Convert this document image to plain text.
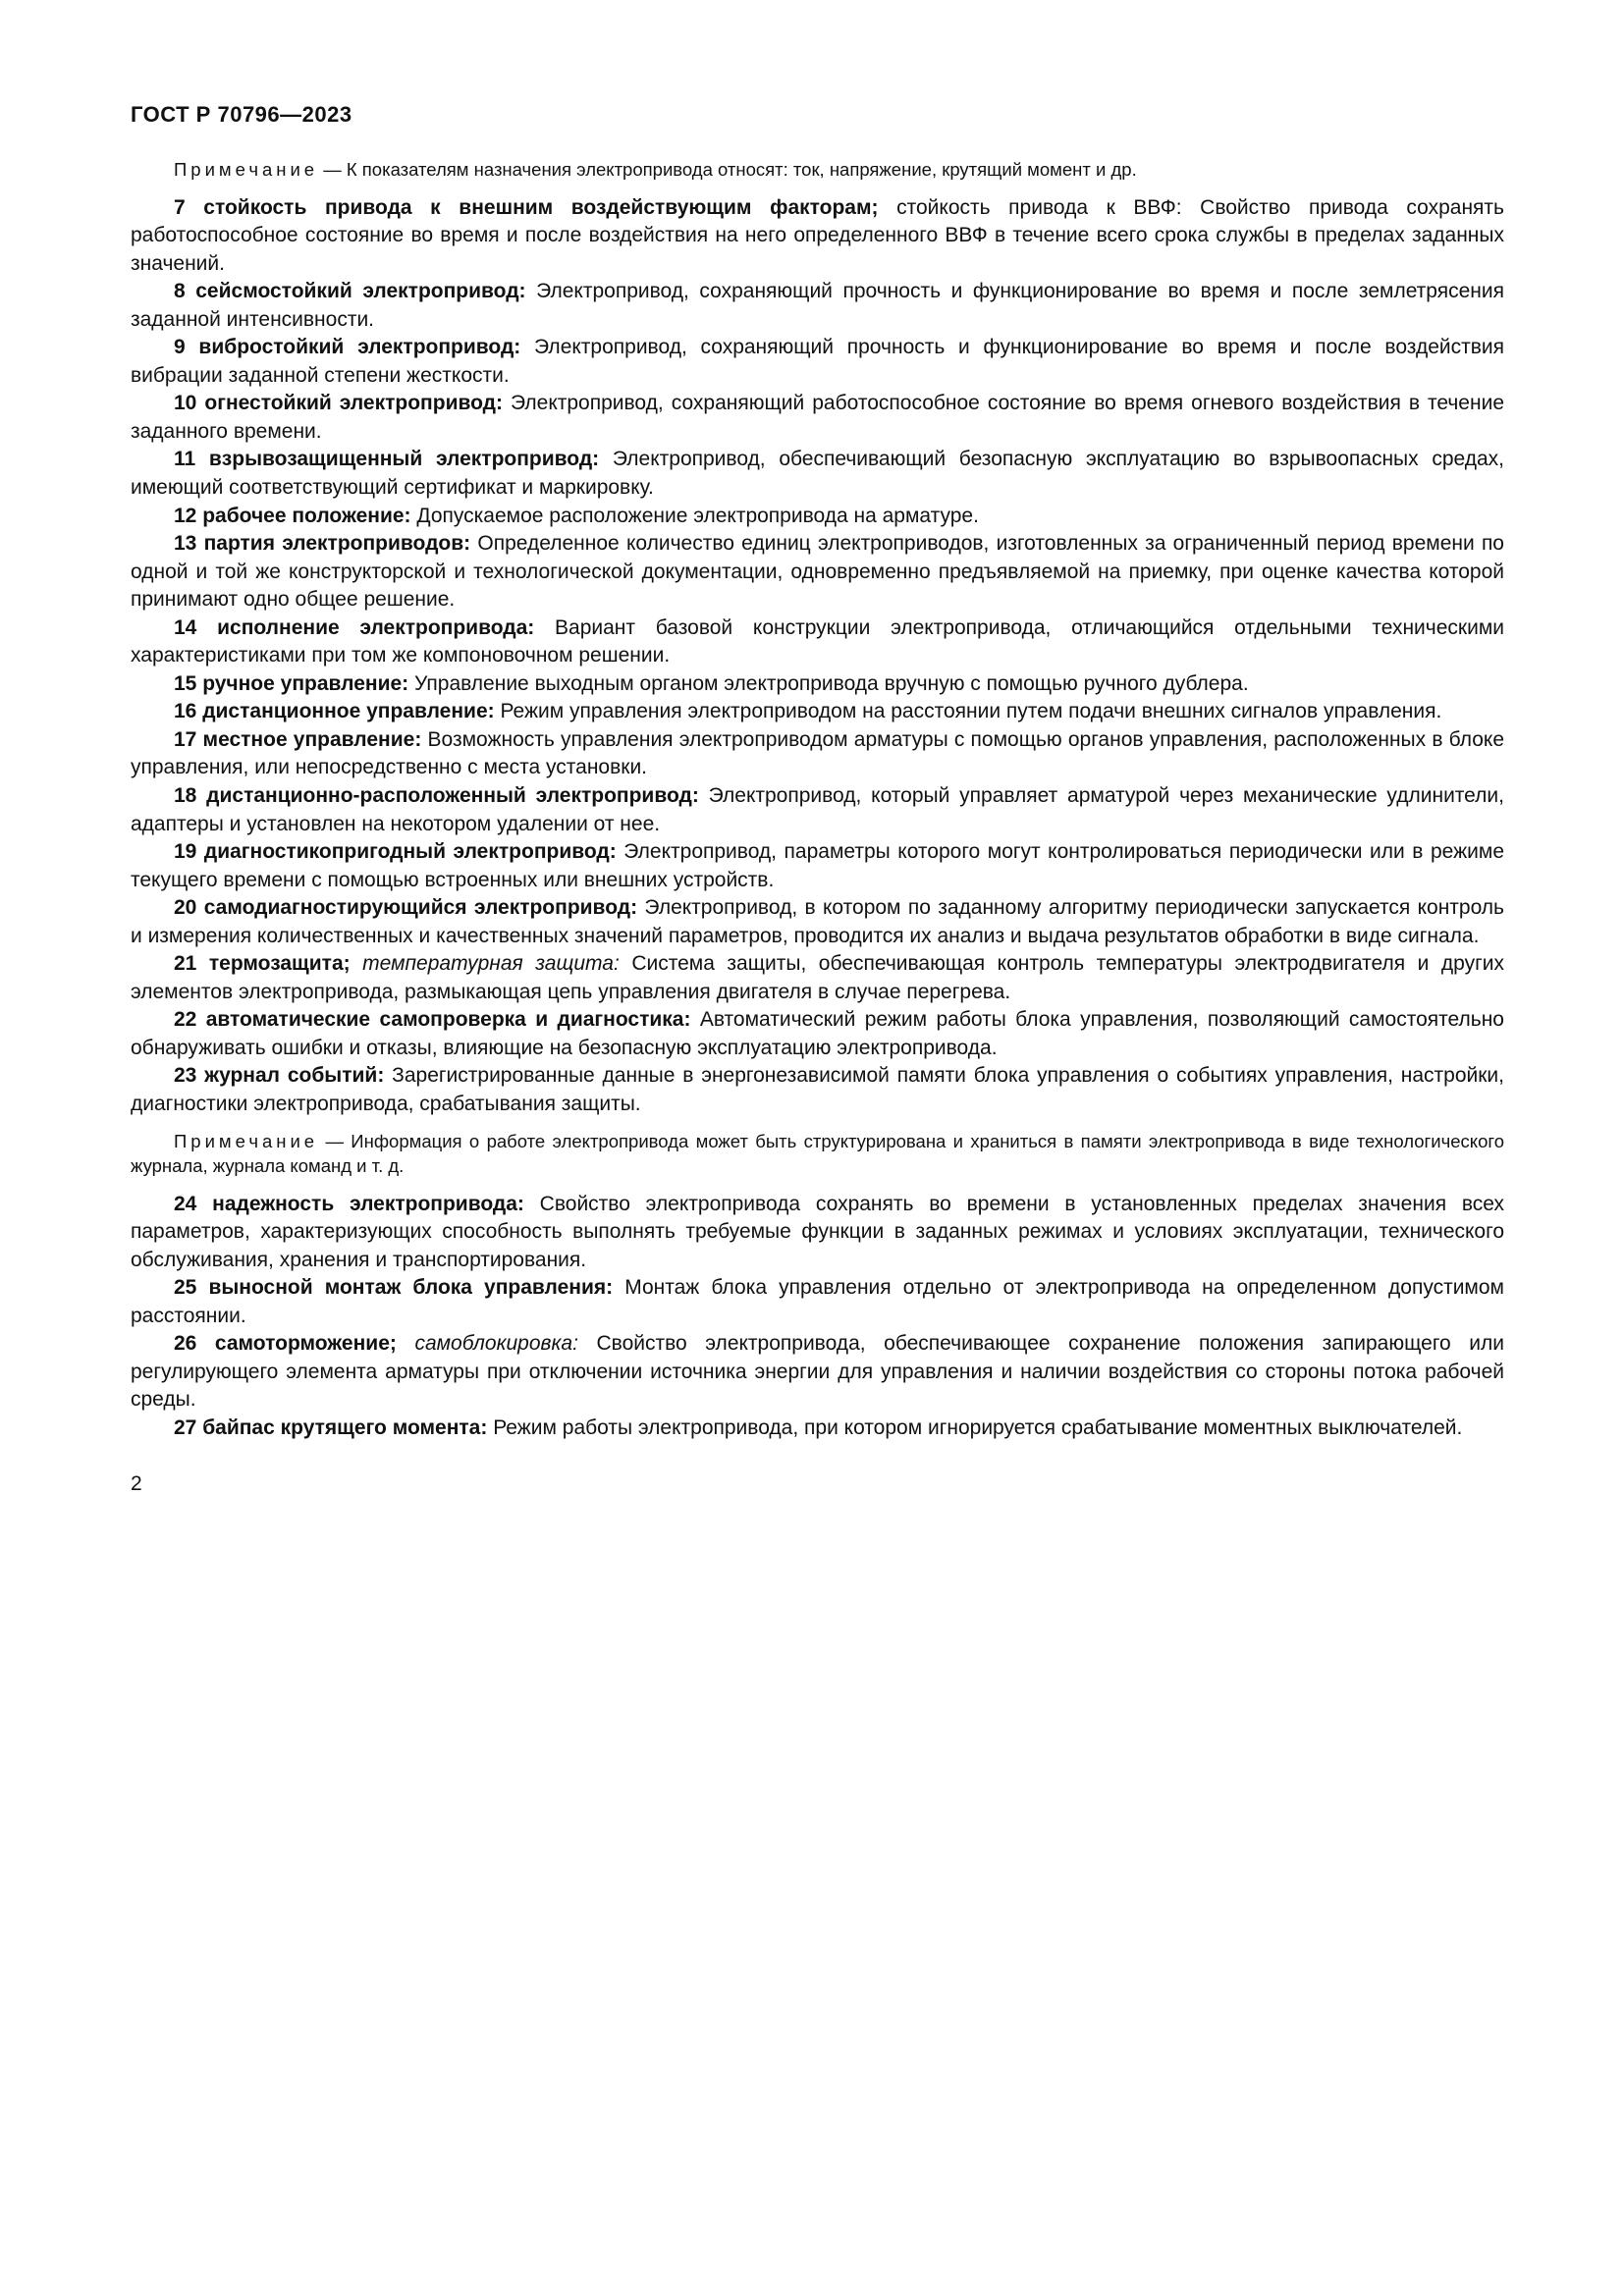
ГОСТ Р 70796—2023

Примечание — К показателям назначения электропривода относят: ток, напряжение, крутящий момент и др.

7 стойкость привода к внешним воздействующим факторам; стойкость привода к ВВФ: Свойство привода сохранять работоспособное состояние во время и после воздействия на него определенного ВВФ в течение всего срока службы в пределах заданных значений.

8 сейсмостойкий электропривод: Электропривод, сохраняющий прочность и функционирование во время и после землетрясения заданной интенсивности.

9 вибростойкий электропривод: Электропривод, сохраняющий прочность и функционирование во время и после воздействия вибрации заданной степени жесткости.

10 огнестойкий электропривод: Электропривод, сохраняющий работоспособное состояние во время огневого воздействия в течение заданного времени.

11 взрывозащищенный электропривод: Электропривод, обеспечивающий безопасную эксплуатацию во взрывоопасных средах, имеющий соответствующий сертификат и маркировку.

12 рабочее положение: Допускаемое расположение электропривода на арматуре.

13 партия электроприводов: Определенное количество единиц электроприводов, изготовленных за ограниченный период времени по одной и той же конструкторской и технологической документации, одновременно предъявляемой на приемку, при оценке качества которой принимают одно общее решение.

14 исполнение электропривода: Вариант базовой конструкции электропривода, отличающийся отдельными техническими характеристиками при том же компоновочном решении.

15 ручное управление: Управление выходным органом электропривода вручную с помощью ручного дублера.

16 дистанционное управление: Режим управления электроприводом на расстоянии путем подачи внешних сигналов управления.

17 местное управление: Возможность управления электроприводом арматуры с помощью органов управления, расположенных в блоке управления, или непосредственно с места установки.

18 дистанционно-расположенный электропривод: Электропривод, который управляет арматурой через механические удлинители, адаптеры и установлен на некотором удалении от нее.

19 диагностикопригодный электропривод: Электропривод, параметры которого могут контролироваться периодически или в режиме текущего времени с помощью встроенных или внешних устройств.

20 самодиагностирующийся электропривод: Электропривод, в котором по заданному алгоритму периодически запускается контроль и измерения количественных и качественных значений параметров, проводится их анализ и выдача результатов обработки в виде сигнала.

21 термозащита; температурная защита: Система защиты, обеспечивающая контроль температуры электродвигателя и других элементов электропривода, размыкающая цепь управления двигателя в случае перегрева.

22 автоматические самопроверка и диагностика: Автоматический режим работы блока управления, позволяющий самостоятельно обнаруживать ошибки и отказы, влияющие на безопасную эксплуатацию электропривода.

23 журнал событий: Зарегистрированные данные в энергонезависимой памяти блока управления о событиях управления, настройки, диагностики электропривода, срабатывания защиты.

Примечание — Информация о работе электропривода может быть структурирована и храниться в памяти электропривода в виде технологического журнала, журнала команд и т. д.

24 надежность электропривода: Свойство электропривода сохранять во времени в установленных пределах значения всех параметров, характеризующих способность выполнять требуемые функции в заданных режимах и условиях эксплуатации, технического обслуживания, хранения и транспортирования.

25 выносной монтаж блока управления: Монтаж блока управления отдельно от электропривода на определенном допустимом расстоянии.

26 самоторможение; самоблокировка: Свойство электропривода, обеспечивающее сохранение положения запирающего или регулирующего элемента арматуры при отключении источника энергии для управления и наличии воздействия со стороны потока рабочей среды.

27 байпас крутящего момента: Режим работы электропривода, при котором игнорируется срабатывание моментных выключателей.

2
